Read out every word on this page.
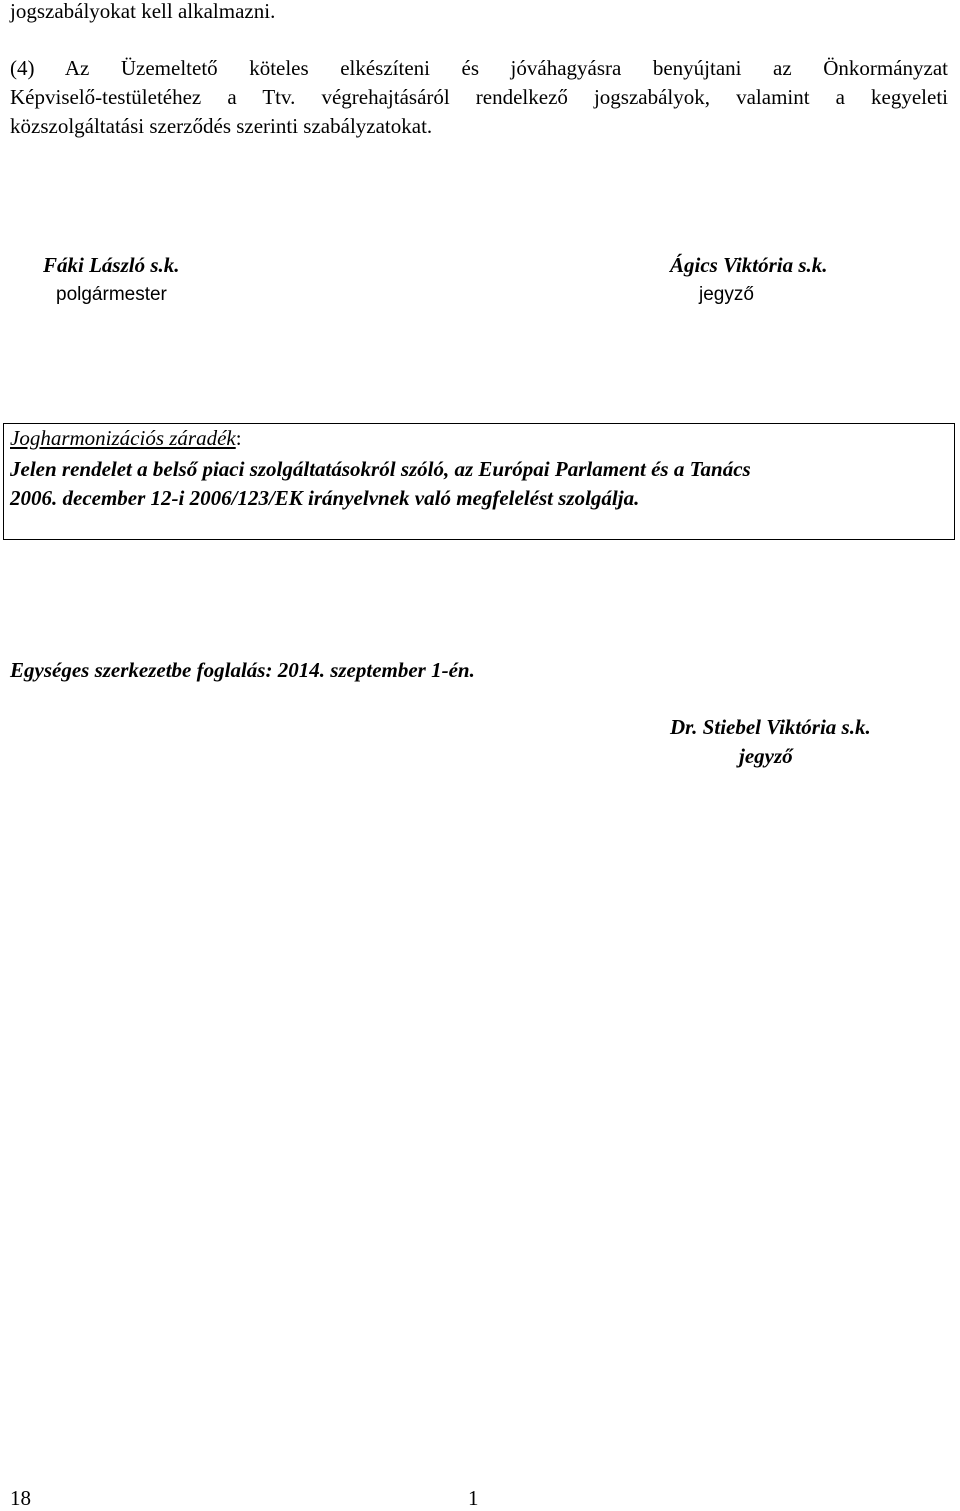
jogszabályokat kell alkalmazni.
(4) Az Üzemeltető köteles elkészíteni és jóváhagyásra benyújtani az Önkormányzat
Képviselő-testületéhez a Ttv. végrehajtásáról rendelkező jogszabályok, valamint a kegyeleti
közszolgáltatási szerződés szerinti szabályzatokat.
Fáki László s.k.
polgármester
Ágics Viktória s.k.
jegyző
Jogharmonizációs záradék:
Jelen rendelet a belső piaci szolgáltatásokról szóló, az Európai Parlament és a Tanács
2006. december 12-i 2006/123/EK irányelvnek való megfelelést szolgálja.
Egységes szerkezetbe foglalás: 2014. szeptember 1-én.
Dr. Stiebel Viktória s.k.
jegyző
18	1
